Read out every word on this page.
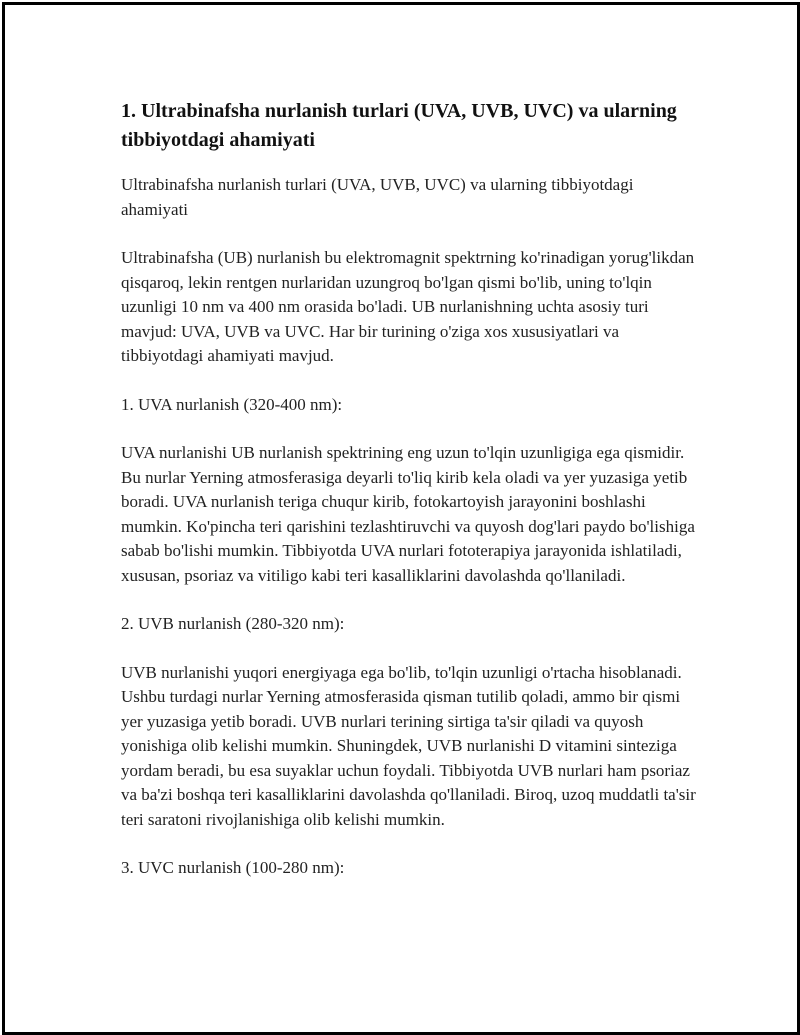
1. Ultrabinafsha nurlanish turlari (UVA, UVB, UVC) va ularning tibbiyotdagi ahamiyati

Ultrabinafsha nurlanish turlari (UVA, UVB, UVC) va ularning tibbiyotdagi ahamiyati

Ultrabinafsha (UB) nurlanish bu elektromagnit spektrning ko'rinadigan yorug'likdan qisqaroq, lekin rentgen nurlaridan uzungroq bo'lgan qismi bo'lib, uning to'lqin uzunligi 10 nm va 400 nm orasida bo'ladi. UB nurlanishning uchta asosiy turi mavjud: UVA, UVB va UVC. Har bir turining o'ziga xos xususiyatlari va tibbiyotdagi ahamiyati mavjud.

1. UVA nurlanish (320-400 nm):

UVA nurlanishi UB nurlanish spektrining eng uzun to'lqin uzunligiga ega qismidir. Bu nurlar Yerning atmosferasiga deyarli to'liq kirib kela oladi va yer yuzasiga yetib boradi. UVA nurlanish teriga chuqur kirib, fotokartoyish jarayonini boshlashi mumkin. Ko'pincha teri qarishini tezlashtiruvchi va quyosh dog'lari paydo bo'lishiga sabab bo'lishi mumkin. Tibbiyotda UVA nurlari fototerapiya jarayonida ishlatiladi, xususan, psoriaz va vitiligo kabi teri kasalliklarini davolashda qo'llaniladi.

2. UVB nurlanish (280-320 nm):

UVB nurlanishi yuqori energiyaga ega bo'lib, to'lqin uzunligi o'rtacha hisoblanadi. Ushbu turdagi nurlar Yerning atmosferasida qisman tutilib qoladi, ammo bir qismi yer yuzasiga yetib boradi. UVB nurlari terining sirtiga ta'sir qiladi va quyosh yonishiga olib kelishi mumkin. Shuningdek, UVB nurlanishi D vitamini sinteziga yordam beradi, bu esa suyaklar uchun foydali. Tibbiyotda UVB nurlari ham psoriaz va ba'zi boshqa teri kasalliklarini davolashda qo'llaniladi. Biroq, uzoq muddatli ta'sir teri saratoni rivojlanishiga olib kelishi mumkin.

3. UVC nurlanish (100-280 nm):
